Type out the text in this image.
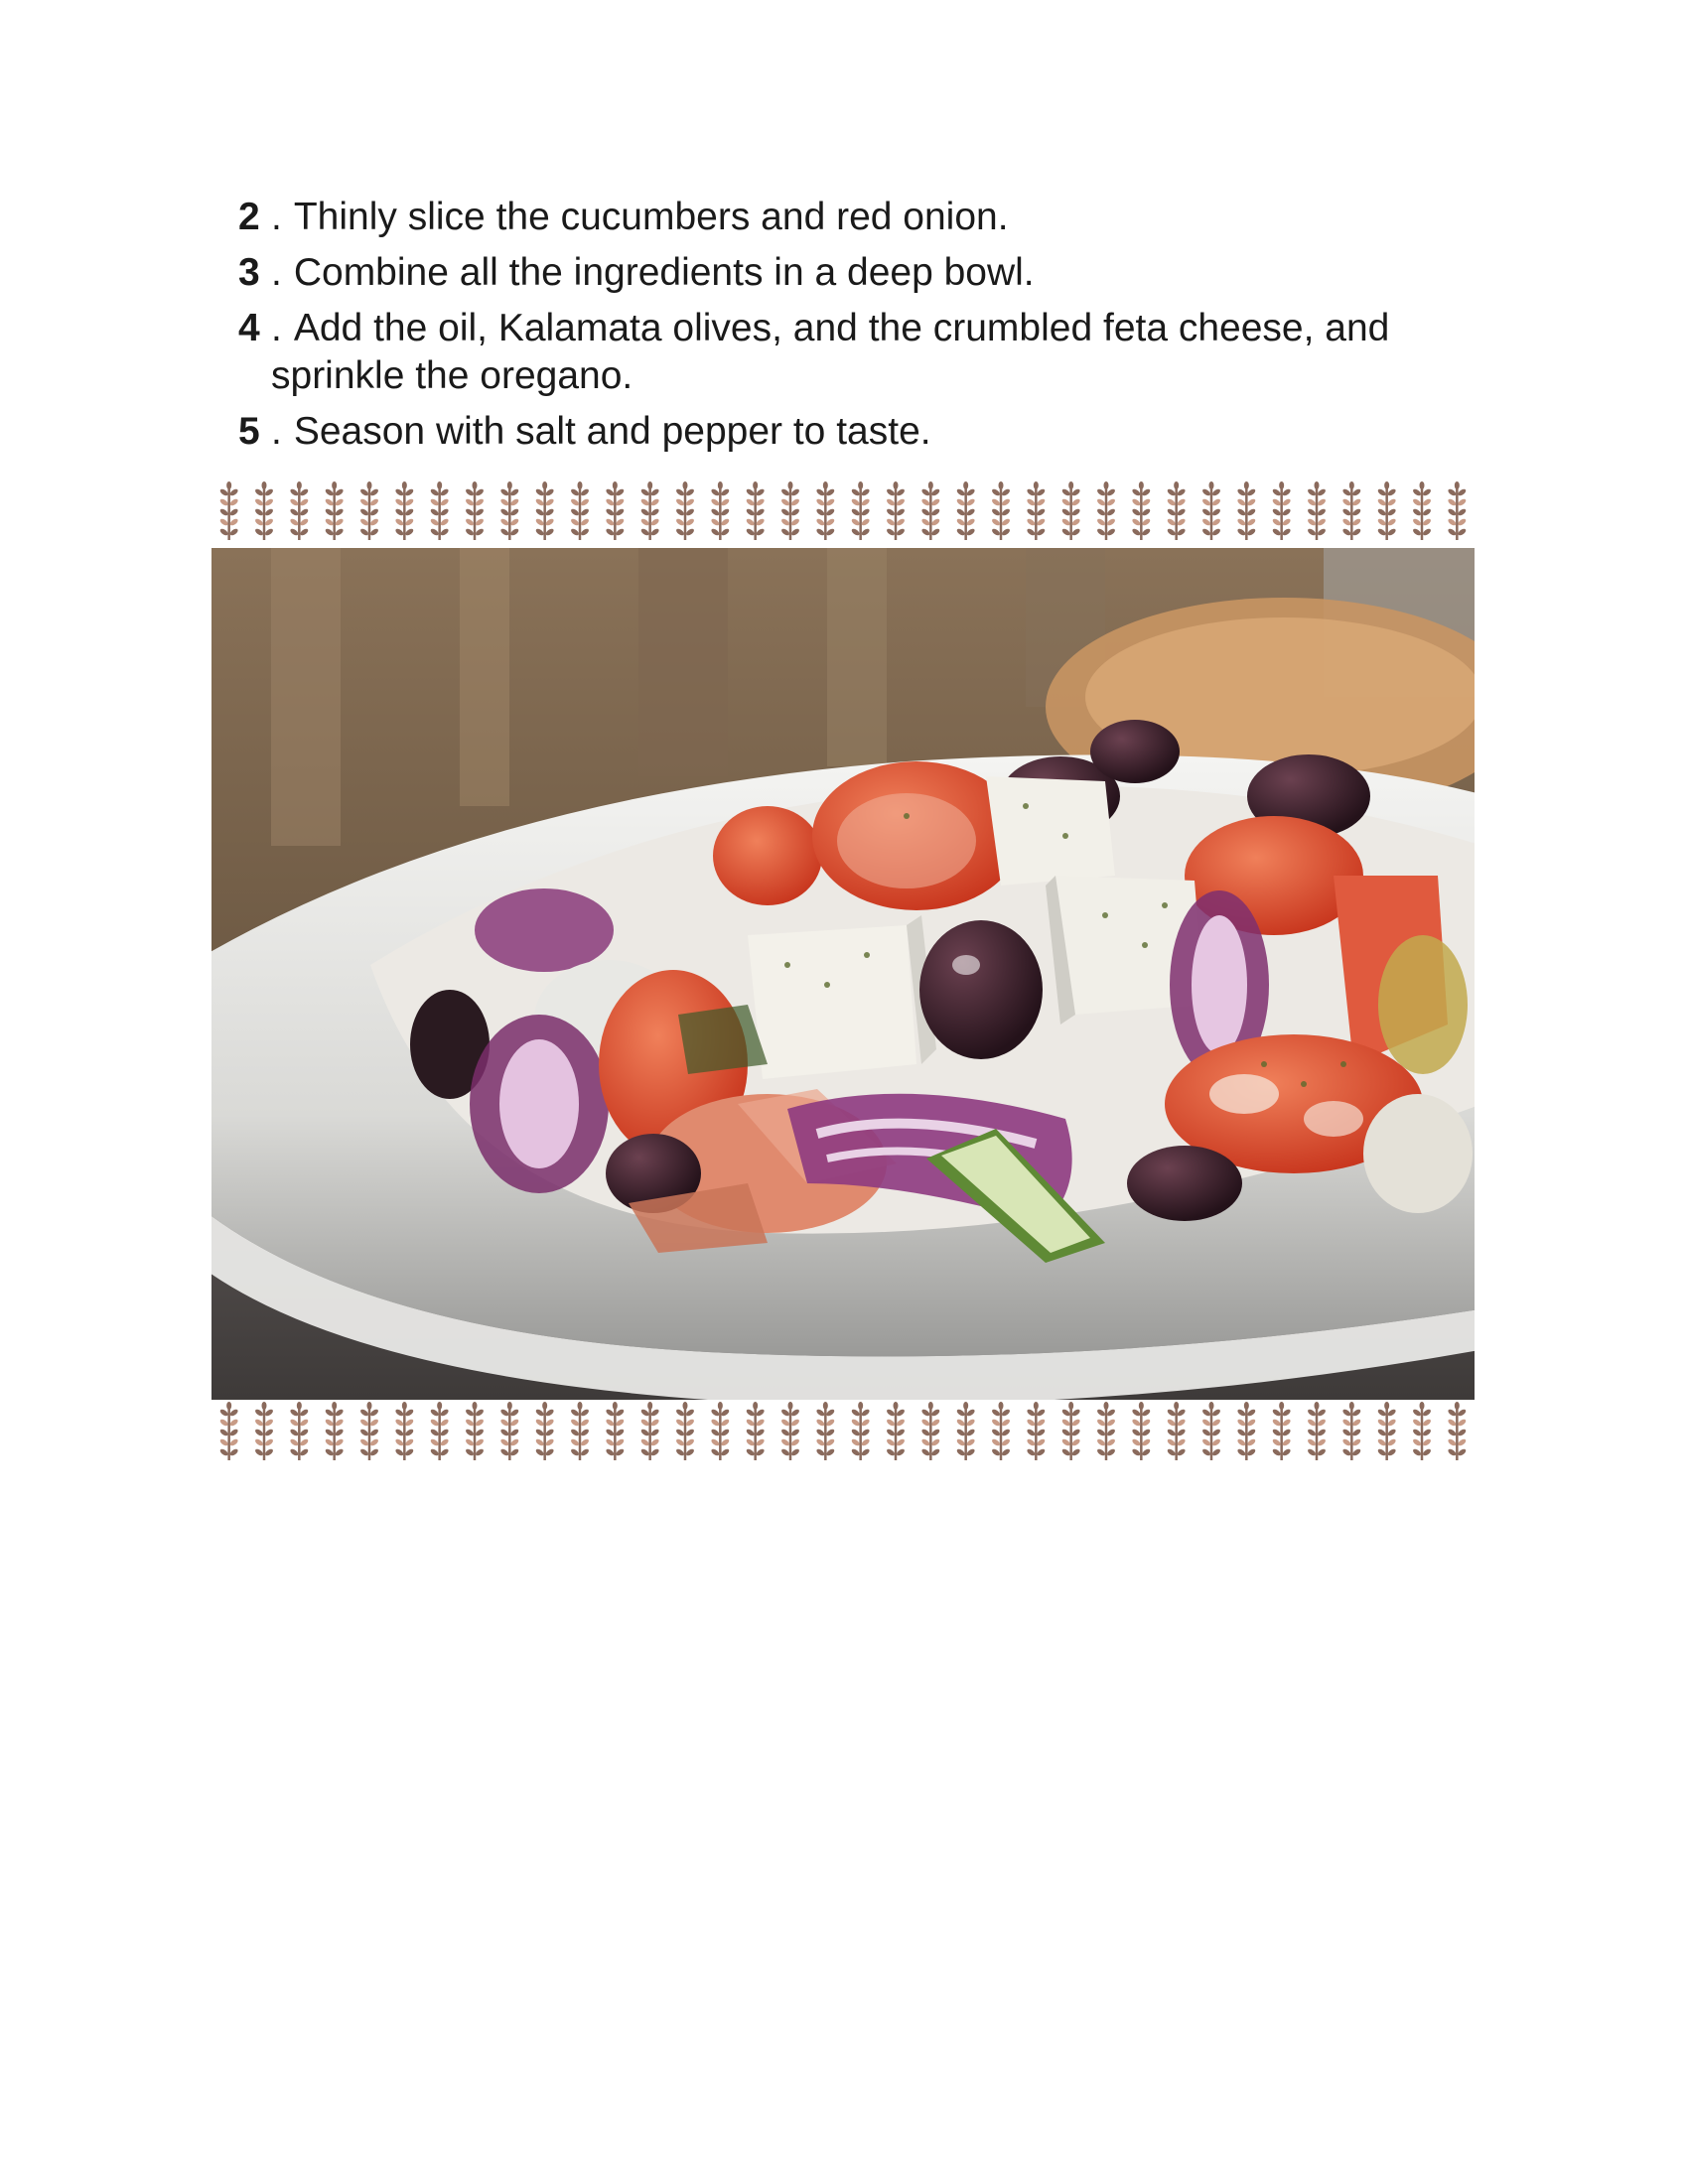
2 . Thinly slice the cucumbers and red onion.
3 . Combine all the ingredients in a deep bowl.
4 . Add the oil, Kalamata olives, and the crumbled feta cheese, and sprinkle the oregano.
5 . Season with salt and pepper to taste.
